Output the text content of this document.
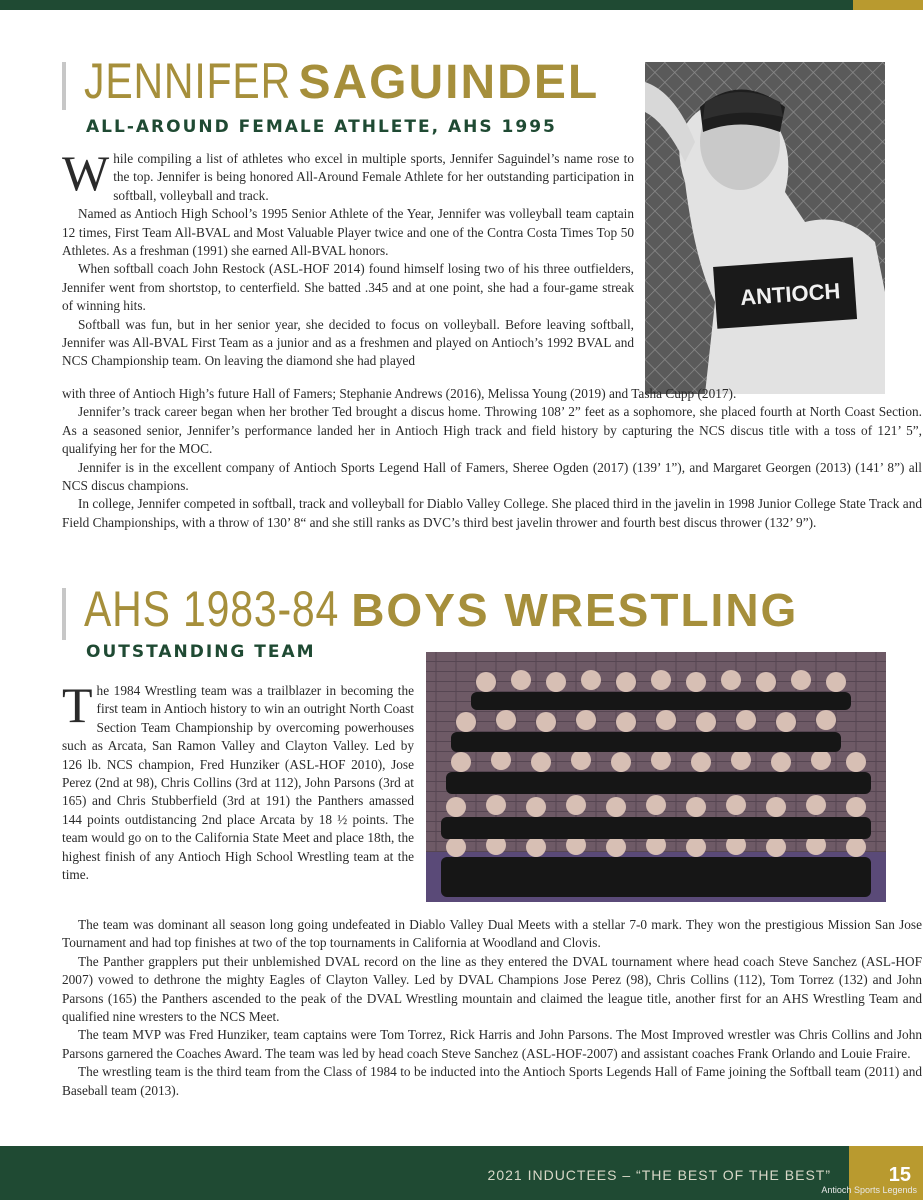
JENNIFER SAGUINDEL
ALL-AROUND FEMALE ATHLETE, AHS 1995
ANTIOCH

While compiling a list of athletes who excel in multiple sports, Jennifer Saguindel’s name rose to the top. Jennifer is being honored All-Around Female Athlete for her outstanding participation in softball, volleyball and track.

Named as Antioch High School’s 1995 Senior Athlete of the Year, Jennifer was volleyball team captain 12 times, First Team All-BVAL and Most Valuable Player twice and one of the Contra Costa Times Top 50 Athletes. As a freshman (1991) she earned All-BVAL honors.

When softball coach John Restock (ASL-HOF 2014) found himself losing two of his three outfielders, Jennifer went from shortstop, to centerfield. She batted .345 and at one point, she had a four-game streak of winning hits.

Softball was fun, but in her senior year, she decided to focus on volleyball. Before leaving softball, Jennifer was All-BVAL First Team as a junior and as a freshmen and played on Antioch’s 1992 BVAL and NCS Championship team. On leaving the diamond she had played

with three of Antioch High’s future Hall of Famers; Stephanie Andrews (2016), Melissa Young (2019) and Tasha Cupp (2017).

Jennifer’s track career began when her brother Ted brought a discus home. Throwing 108’ 2” feet as a sophomore, she placed fourth at North Coast Section. As a seasoned senior, Jennifer’s performance landed her in Antioch High track and field history by capturing the NCS discus title with a toss of 121’ 5”, qualifying her for the MOC.

Jennifer is in the excellent company of Antioch Sports Legend Hall of Famers, Sheree Ogden (2017) (139’ 1”), and Margaret Georgen (2013) (141’ 8”) all NCS discus champions.

In college, Jennifer competed in softball, track and volleyball for Diablo Valley College. She placed third in the javelin in 1998 Junior College State Track and Field Championships, with a throw of 130’ 8“ and she still ranks as DVC’s third best javelin thrower and fourth best discus thrower (132’ 9”).

AHS 1983-84 BOYS WRESTLING
OUTSTANDING TEAM

The 1984 Wrestling team was a trailblazer in becoming the first team in Antioch history to win an outright North Coast Section Team Championship by overcoming powerhouses such as Arcata, San Ramon Valley and Clayton Valley. Led by 126 lb. NCS champion, Fred Hunziker (ASL-HOF 2010), Jose Perez (2nd at 98), Chris Collins (3rd at 112), John Parsons (3rd at 165) and Chris Stubberfield (3rd at 191) the Panthers amassed 144 points outdistancing 2nd place Arcata by 18 ½ points. The team would go on to the California State Meet and place 18th, the highest finish of any Antioch High School Wrestling team at the time.

The team was dominant all season long going undefeated in Diablo Valley Dual Meets with a stellar 7-0 mark. They won the prestigious Mission San Jose Tournament and had top finishes at two of the top tournaments in California at Woodland and Clovis.

The Panther grapplers put their unblemished DVAL record on the line as they entered the DVAL tournament where head coach Steve Sanchez (ASL-HOF 2007) vowed to dethrone the mighty Eagles of Clayton Valley. Led by DVAL Champions Jose Perez (98), Chris Collins (112), Tom Torrez (132) and John Parsons (165) the Panthers ascended to the peak of the DVAL Wrestling mountain and claimed the league title, another first for an AHS Wrestling Team and qualified nine wresters to the NCS Meet.

The team MVP was Fred Hunziker, team captains were Tom Torrez, Rick Harris and John Parsons. The Most Improved wrestler was Chris Collins and John Parsons garnered the Coaches Award. The team was led by head coach Steve Sanchez (ASL-HOF-2007) and assistant coaches Frank Orlando and Louie Fraire.

The wrestling team is the third team from the Class of 1984 to be inducted into the Antioch Sports Legends Hall of Fame joining the Softball team (2011) and Baseball team (2013).

2021 INDUCTEES – “THE BEST OF THE BEST”	15
Antioch Sports Legends
